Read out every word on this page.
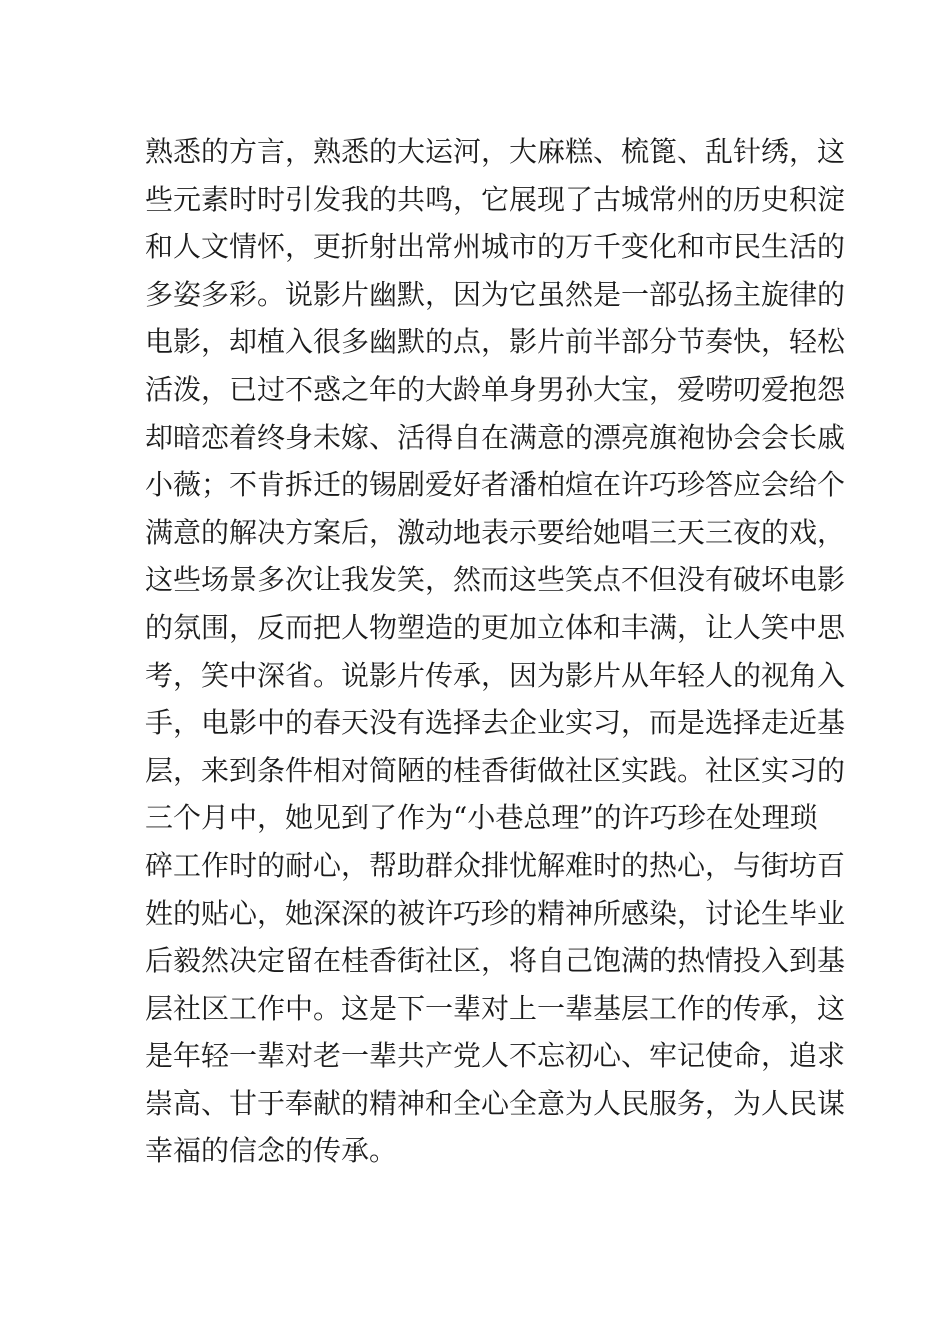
熟悉的方言，熟悉的大运河，大麻糕、梳篦、乱针绣，这
些元素时时引发我的共鸣，它展现了古城常州的历史积淀
和人文情怀，更折射出常州城市的万千变化和市民生活的
多姿多彩。说影片幽默，因为它虽然是一部弘扬主旋律的
电影，却植入很多幽默的点，影片前半部分节奏快，轻松
活泼，已过不惑之年的大龄单身男孙大宝，爱唠叨爱抱怨
却暗恋着终身未嫁、活得自在满意的漂亮旗袍协会会长戚
小薇；不肯拆迁的锡剧爱好者潘柏煊在许巧珍答应会给个
满意的解决方案后，激动地表示要给她唱三天三夜的戏，
这些场景多次让我发笑，然而这些笑点不但没有破坏电影
的氛围，反而把人物塑造的更加立体和丰满，让人笑中思
考，笑中深省。说影片传承，因为影片从年轻人的视角入
手，电影中的春天没有选择去企业实习，而是选择走近基
层，来到条件相对简陋的桂香街做社区实践。社区实习的
三个月中，她见到了作为“小巷总理”的许巧珍在处理琐
碎工作时的耐心，帮助群众排忧解难时的热心，与街坊百
姓的贴心，她深深的被许巧珍的精神所感染，讨论生毕业
后毅然决定留在桂香街社区，将自己饱满的热情投入到基
层社区工作中。这是下一辈对上一辈基层工作的传承，这
是年轻一辈对老一辈共产党人不忘初心、牢记使命，追求
崇高、甘于奉献的精神和全心全意为人民服务，为人民谋
幸福的信念的传承。
